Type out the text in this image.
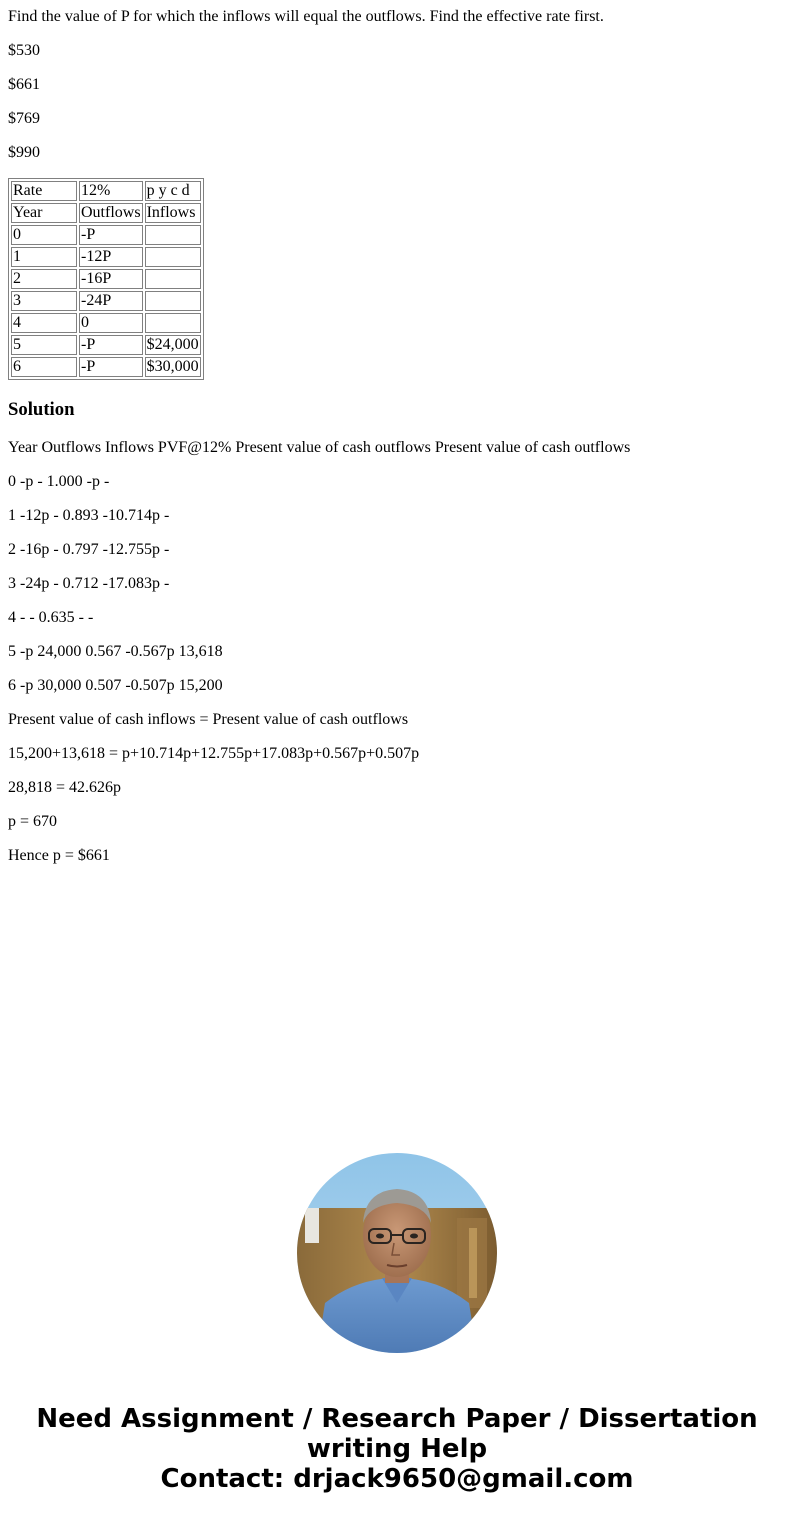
Find the value of P for which the inflows will equal the outflows. Find the effective rate first.

$530

$661

$769

$990

Rate	12%	p y c d
Year	Outflows	Inflows
0	-P	
1	-12P	
2	-16P	
3	-24P	
4	0	
5	-P	$24,000
6	-P	$30,000
Solution

Year Outflows Inflows PVF@12% Present value of cash outflows Present value of cash outflows

0 -p - 1.000 -p -

1 -12p - 0.893 -10.714p -

2 -16p - 0.797 -12.755p -

3 -24p - 0.712 -17.083p -

4 - - 0.635 - -

5 -p 24,000 0.567 -0.567p 13,618

6 -p 30,000 0.507 -0.507p 15,200

Present value of cash inflows = Present value of cash outflows

15,200+13,618 = p+10.714p+12.755p+17.083p+0.567p+0.507p

28,818 = 42.626p

p = 670

Hence p = $661

Need Assignment / Research Paper / Dissertation
writing Help
Contact: drjack9650@gmail.com
